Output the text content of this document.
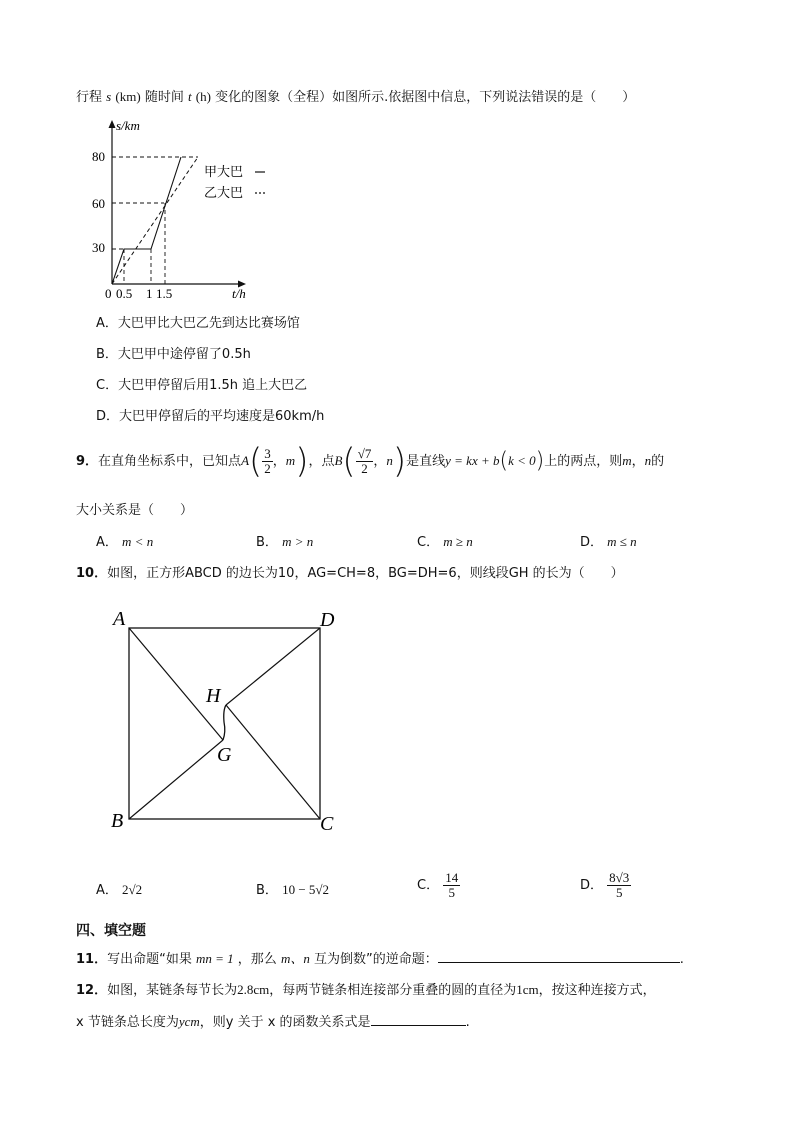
行程 s (km) 随时间 t (h) 变化的图象（全程）如图所示.依据图中信息，下列说法错误的是（　　）
s/km
t/h
80
60
30
0 0.5 1 1.5
甲大巴
乙大巴
A．大巴甲比大巴乙先到达比赛场馆
B．大巴甲中途停留了0.5h
C．大巴甲停留后用1.5h 追上大巴乙
D．大巴甲停留后的平均速度是60km/h
9．在直角坐标系中，已知点$A( \frac{3}{2}$ ，m)，点$B( \frac{√7}{2}$ ，n)是直线y = kx + b(k < 0)上的两点，则m，n的
大小关系是（　　）
A． m < n	B． m > n	C． m ≥ n	D． m ≤ n
10．如图，正方形ABCD 的边长为10，AG=CH=8，BG=DH=6，则线段GH 的长为（　　）
A	D
B	C
H
G
A． 2√2	B． 10 − 5√2	C． $\frac{14}{5}$	D． $\frac{8√3}{5}$
四、填空题
11．写出命题“如果 mn = 1 ，那么 m、n 互为倒数”的逆命题：	.
12．如图，某链条每节长为2.8cm，每两节链条相连接部分重叠的圆的直径为1cm，按这种连接方式，
x 节链条总长度为ycm，则y 关于 x 的函数关系式是	.
